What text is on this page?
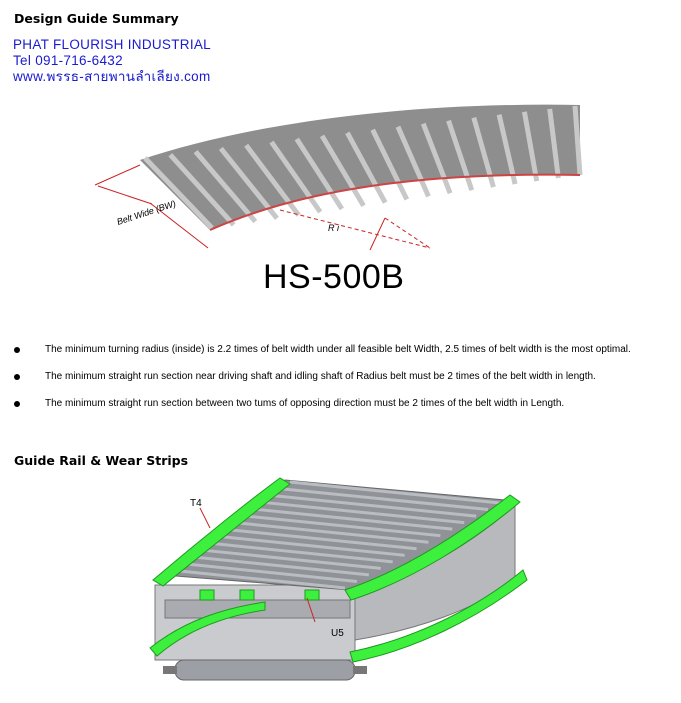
Design Guide Summary
PHAT FLOURISH INDUSTRIAL
Tel 091-716-6432
www.พรรธ-สายพานลำเลียง.com
Belt Wide (BW)
R i
HS-500B
The minimum turning radius (inside) is 2.2 times of belt width under all feasible belt Width, 2.5 times of belt width is the most optimal.
The minimum straight run section near driving shaft and idling shaft of Radius belt must be 2 times of the belt width in length.
The minimum straight run section between two tums of opposing direction must be 2 times of the belt width in Length.
Guide Rail & Wear Strips
T4
U5
